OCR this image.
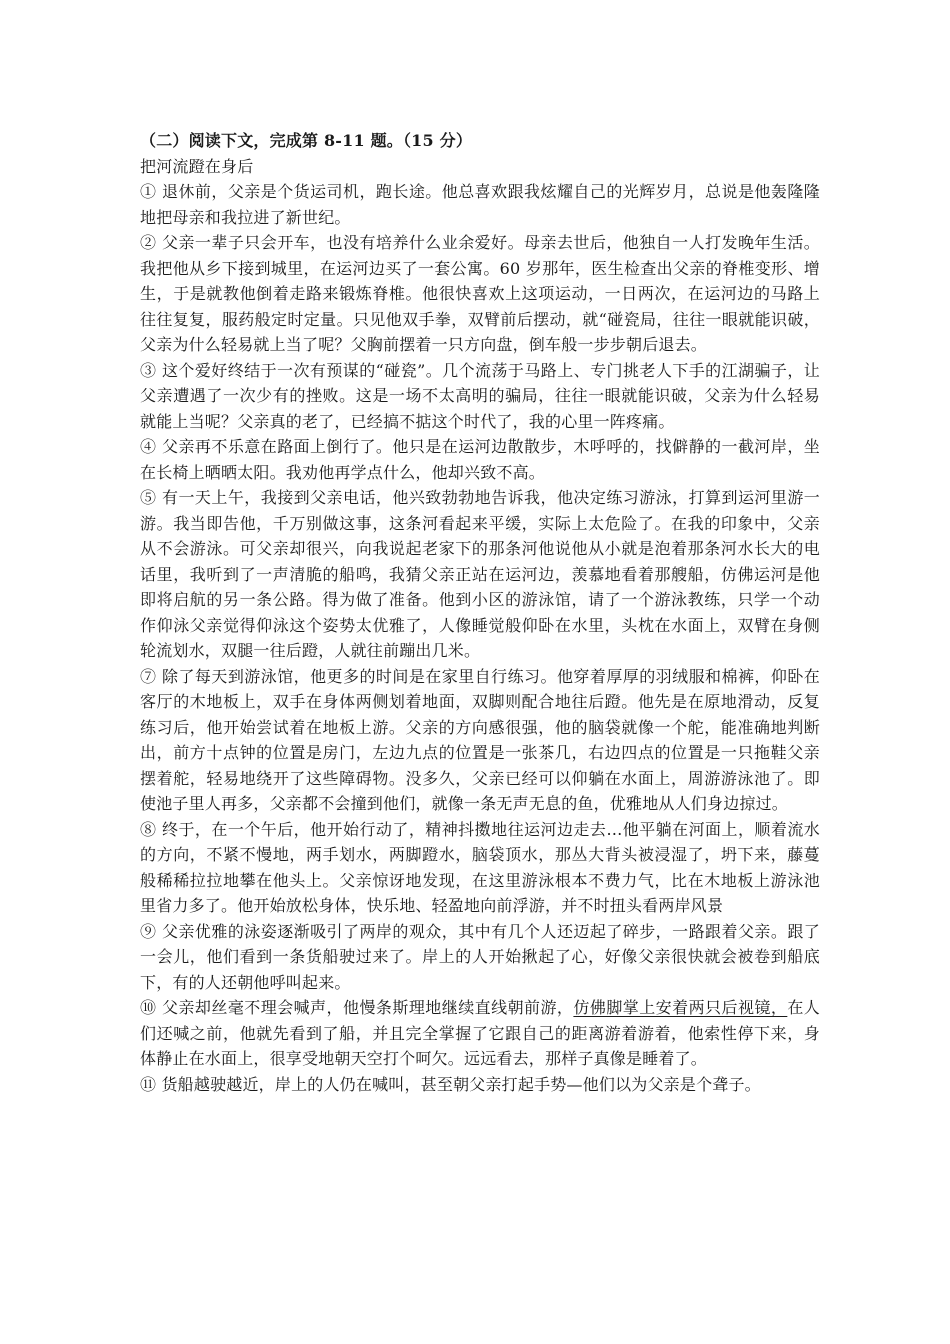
（二）阅读下文，完成第 8-11 题。（15 分）

把河流蹬在身后

① 退休前，父亲是个货运司机，跑长途。他总喜欢跟我炫耀自己的光辉岁月，总说是他轰隆隆地把母亲和我拉进了新世纪。

② 父亲一辈子只会开车，也没有培养什么业余爱好。母亲去世后，他独自一人打发晚年生活。我把他从乡下接到城里，在运河边买了一套公寓。60 岁那年，医生检查出父亲的脊椎变形、增生，于是就教他倒着走路来锻炼脊椎。他很快喜欢上这项运动，一日两次，在运河边的马路上往往复复，服药般定时定量。只见他双手拳，双臂前后摆动，就“碰瓷局，往往一眼就能识破，父亲为什么轻易就上当了呢？父胸前摆着一只方向盘，倒车般一步步朝后退去。

③ 这个爱好终结于一次有预谋的“碰瓷”。几个流荡于马路上、专门挑老人下手的江湖骗子，让父亲遭遇了一次少有的挫败。这是一场不太高明的骗局，往往一眼就能识破，父亲为什么轻易就能上当呢？父亲真的老了，已经搞不掂这个时代了，我的心里一阵疼痛。

④ 父亲再不乐意在路面上倒行了。他只是在运河边散散步，木呼呼的，找僻静的一截河岸，坐在长椅上晒晒太阳。我劝他再学点什么，他却兴致不高。

⑤ 有一天上午，我接到父亲电话，他兴致勃勃地告诉我，他决定练习游泳，打算到运河里游一游。我当即告他，千万别做这事，这条河看起来平缓，实际上太危险了。在我的印象中，父亲从不会游泳。可父亲却很兴，向我说起老家下的那条河他说他从小就是泡着那条河水长大的电话里，我听到了一声清脆的船鸣，我猜父亲正站在运河边，羡慕地看着那艘船，仿佛运河是他即将启航的另一条公路。得为做了准备。他到小区的游泳馆，请了一个游泳教练，只学一个动作仰泳父亲觉得仰泳这个姿势太优雅了，人像睡觉般仰卧在水里，头枕在水面上，双臂在身侧轮流划水，双腿一往后蹬，人就往前蹦出几米。

⑦ 除了每天到游泳馆，他更多的时间是在家里自行练习。他穿着厚厚的羽绒服和棉裤，仰卧在客厅的木地板上，双手在身体两侧划着地面，双脚则配合地往后蹬。他先是在原地滑动，反复练习后，他开始尝试着在地板上游。父亲的方向感很强，他的脑袋就像一个舵，能准确地判断出，前方十点钟的位置是房门，左边九点的位置是一张茶几，右边四点的位置是一只拖鞋父亲摆着舵，轻易地绕开了这些障碍物。没多久，父亲已经可以仰躺在水面上，周游游泳池了。即使池子里人再多，父亲都不会撞到他们，就像一条无声无息的鱼，优雅地从人们身边掠过。

⑧ 终于，在一个午后，他开始行动了，精神抖擞地往运河边走去…他平躺在河面上，顺着流水的方向，不紧不慢地，两手划水，两脚蹬水，脑袋顶水，那丛大背头被浸湿了，坍下来，藤蔓般稀稀拉拉地攀在他头上。父亲惊讶地发现，在这里游泳根本不费力气，比在木地板上游泳池里省力多了。他开始放松身体，快乐地、轻盈地向前浮游，并不时扭头看两岸风景

⑨ 父亲优雅的泳姿逐渐吸引了两岸的观众，其中有几个人还迈起了碎步，一路跟着父亲。跟了一会儿，他们看到一条货船驶过来了。岸上的人开始揪起了心，好像父亲很快就会被卷到船底下，有的人还朝他呼叫起来。

⑩ 父亲却丝毫不理会喊声，他慢条斯理地继续直线朝前游，仿佛脚掌上安着两只后视镜，在人们还喊之前，他就先看到了船，并且完全掌握了它跟自己的距离游着游着，他索性停下来，身体静止在水面上，很享受地朝天空打个呵欠。远远看去，那样子真像是睡着了。

⑪ 货船越驶越近，岸上的人仍在喊叫，甚至朝父亲打起手势—他们以为父亲是个聋子。
